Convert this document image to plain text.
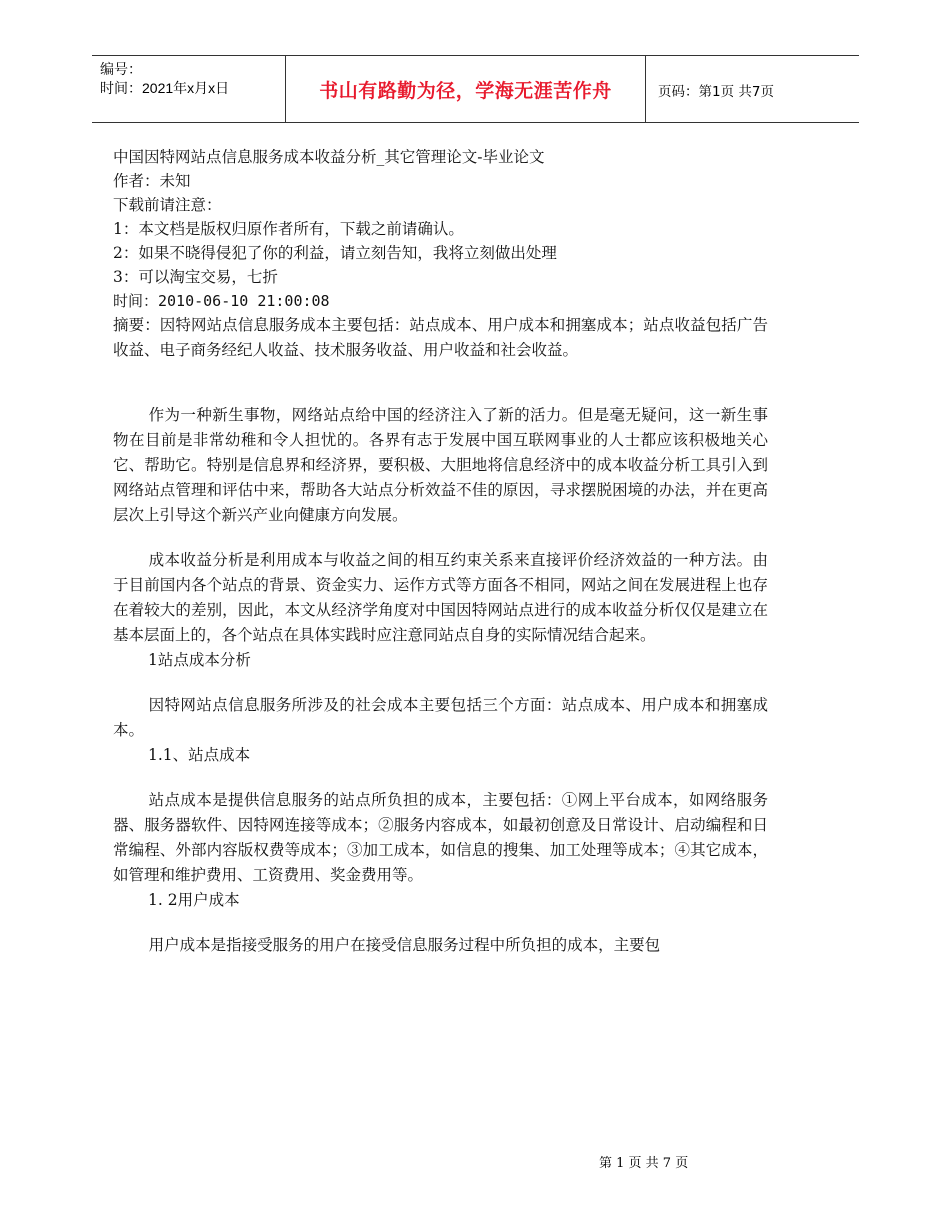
编号：
时间：2021年x月x日	书山有路勤为径，学海无涯苦作舟	页码：第1页 共7页

中国因特网站点信息服务成本收益分析_其它管理论文-毕业论文

作者：未知

下载前请注意：

1：本文档是版权归原作者所有，下载之前请确认。

2：如果不晓得侵犯了你的利益，请立刻告知，我将立刻做出处理

3：可以淘宝交易，七折

时间：2010-06-10 21:00:08

摘要：因特网站点信息服务成本主要包括：站点成本、用户成本和拥塞成本；站点收益包括广告收益、电子商务经纪人收益、技术服务收益、用户收益和社会收益。

作为一种新生事物，网络站点给中国的经济注入了新的活力。但是毫无疑问，这一新生事物在目前是非常幼稚和令人担忧的。各界有志于发展中国互联网事业的人士都应该积极地关心它、帮助它。特别是信息界和经济界，要积极、大胆地将信息经济中的成本收益分析工具引入到网络站点管理和评估中来，帮助各大站点分析效益不佳的原因，寻求摆脱困境的办法，并在更高层次上引导这个新兴产业向健康方向发展。

成本收益分析是利用成本与收益之间的相互约束关系来直接评价经济效益的一种方法。由于目前国内各个站点的背景、资金实力、运作方式等方面各不相同，网站之间在发展进程上也存在着较大的差别，因此，本文从经济学角度对中国因特网站点进行的成本收益分析仅仅是建立在基本层面上的，各个站点在具体实践时应注意同站点自身的实际情况结合起来。

1站点成本分析

因特网站点信息服务所涉及的社会成本主要包括三个方面：站点成本、用户成本和拥塞成本。

1.1、站点成本

站点成本是提供信息服务的站点所负担的成本，主要包括：①网上平台成本，如网络服务器、服务器软件、因特网连接等成本；②服务内容成本，如最初创意及日常设计、启动编程和日常编程、外部内容版权费等成本；③加工成本，如信息的搜集、加工处理等成本；④其它成本，如管理和维护费用、工资费用、奖金费用等。

1. 2用户成本

用户成本是指接受服务的用户在接受信息服务过程中所负担的成本，主要包

第 1 页 共 7 页
